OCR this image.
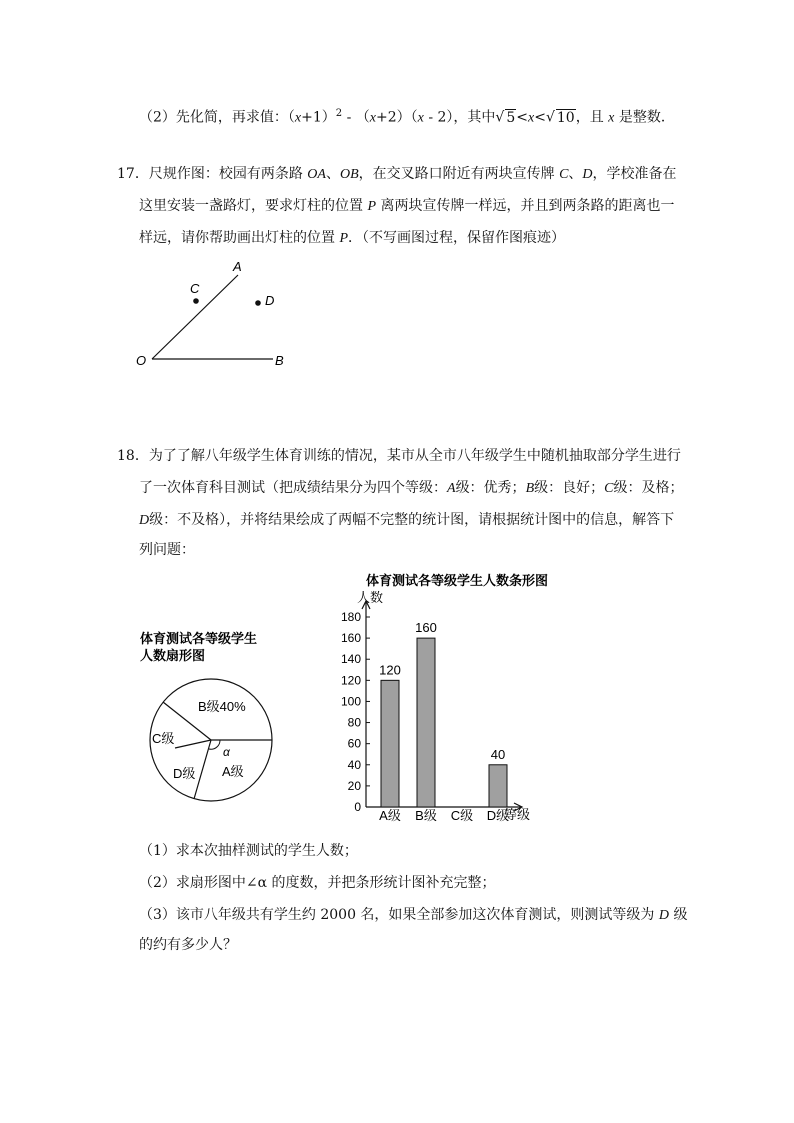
（2）先化简，再求值：$(x+1)^2 - (x+2)(x - 2)$，其中√ 5<x<√ 10，且 x 是整数．
17．尺规作图：校园有两条路 OA、OB，在交叉路口附近有两块宣传牌 C、D，学校准备在
这里安装一盏路灯，要求灯柱的位置 P 离两块宣传牌一样远，并且到两条路的距离也一
样远，请你帮助画出灯柱的位置 P．（不写画图过程，保留作图痕迹）
A
B
O
C
D
18．为了了解八年级学生体育训练的情况，某市从全市八年级学生中随机抽取部分学生进行
了一次体育科目测试（把成绩结果分为四个等级：A级：优秀；B级：良好；C级：及格；
D级：不及格），并将结果绘成了两幅不完整的统计图，请根据统计图中的信息，解答下
列问题：
体育测试各等级学生
人数扇形图
α
B级40%
C级
D级 A级
体育测试各等级学生人数条形图
人数
等级
0
20
40
60
80
100
120
140
160
180
120
A级
160
B级 C级
40
D级
（1）求本次抽样测试的学生人数；
（2）求扇形图中∠α 的度数，并把条形统计图补充完整；
（3）该市八年级共有学生约 2000 名，如果全部参加这次体育测试，则测试等级为 D 级
的约有多少人？
